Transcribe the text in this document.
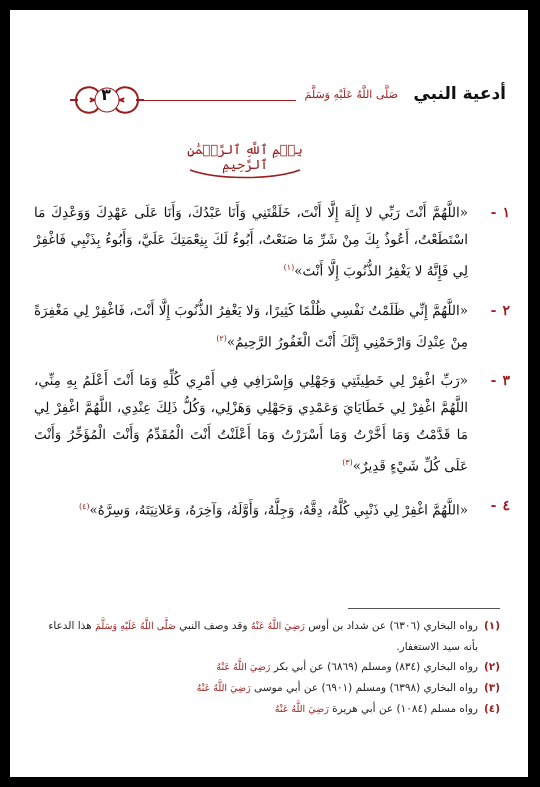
أدعية النبي
صَلَّى اللَّهُ عَلَيْهِ وَسَلَّمَ
٣
بِسۡمِ ٱللَّهِ ٱلرَّحۡمَٰنِ ٱلرَّحِيمِ
١-
«اللَّهُمَّ أَنْتَ رَبِّي لا إِلَهَ إِلَّا أَنْتَ، خَلَقْتَنِي وَأَنَا عَبْدُكَ، وَأَنَا عَلَى عَهْدِكَ وَوَعْدِكَ مَا اسْتَطَعْتُ، أَعُوذُ بِكَ مِنْ شَرِّ مَا صَنَعْتُ، أَبُوءُ لَكَ بِنِعْمَتِكَ عَلَيَّ، وَأَبُوءُ بِذَنْبِي فَاغْفِرْ لِي فَإِنَّهُ لا يَغْفِرُ الذُّنُوبَ إِلَّا أَنْتَ»$^{(١)}$
٢-
«اللَّهُمَّ إِنِّي ظَلَمْتُ نَفْسِي ظُلْمًا كَثِيرًا، وَلا يَغْفِرُ الذُّنُوبَ إِلَّا أَنْتَ، فَاغْفِرْ لِي مَغْفِرَةً مِنْ عِنْدِكَ وَارْحَمْنِي إِنَّكَ أَنْتَ الْغَفُورُ الرَّحِيمُ»$^{(٢)}$
٣-
«رَبِّ اغْفِرْ لِي خَطِيئَتِي وَجَهْلِي وَإِسْرَافِي فِي أَمْرِي كُلِّهِ وَمَا أَنْتَ أَعْلَمُ بِهِ مِنِّي، اللَّهُمَّ اغْفِرْ لِي خَطَايَايَ وَعَمْدِي وَجَهْلِي وَهَزْلِي، وَكُلُّ ذَلِكَ عِنْدِي، اللَّهُمَّ اغْفِرْ لِي مَا قَدَّمْتُ وَمَا أَخَّرْتُ وَمَا أَسْرَرْتُ وَمَا أَعْلَنْتُ أَنْتَ الْمُقَدِّمُ وَأَنْتَ الْمُؤَخِّرُ وَأَنْتَ عَلَى كُلِّ شَيْءٍ قَدِيرٌ»$^{(٣)}$
٤-
«اللَّهُمَّ اغْفِرْ لِي ذَنْبِي كُلَّهُ، دِقَّهُ، وَجِلَّهُ، وَأَوَّلَهُ، وَآخِرَهُ، وَعَلانِيَتَهُ، وَسِرَّهُ»$^{(٤)}$
(١)
رواه البخاري (٦٣٠٦) عن شداد بن أوس رَضِيَ اللَّهُ عَنْهُ وقد وصف النبي صَلَّى اللَّهُ عَلَيْهِ وَسَلَّمَ هذا الدعاء بأنه سيد الاستغفار.
(٢)
رواه البخاري (٨٣٤) ومسلم (٦٨٦٩) عن أبي بكر رَضِيَ اللَّهُ عَنْهُ
(٣)
رواه البخاري (٦٣٩٨) ومسلم (٦٩٠١) عن أبي موسى رَضِيَ اللَّهُ عَنْهُ
(٤)
رواه مسلم (١٠٨٤) عن أبي هريرة رَضِيَ اللَّهُ عَنْهُ
